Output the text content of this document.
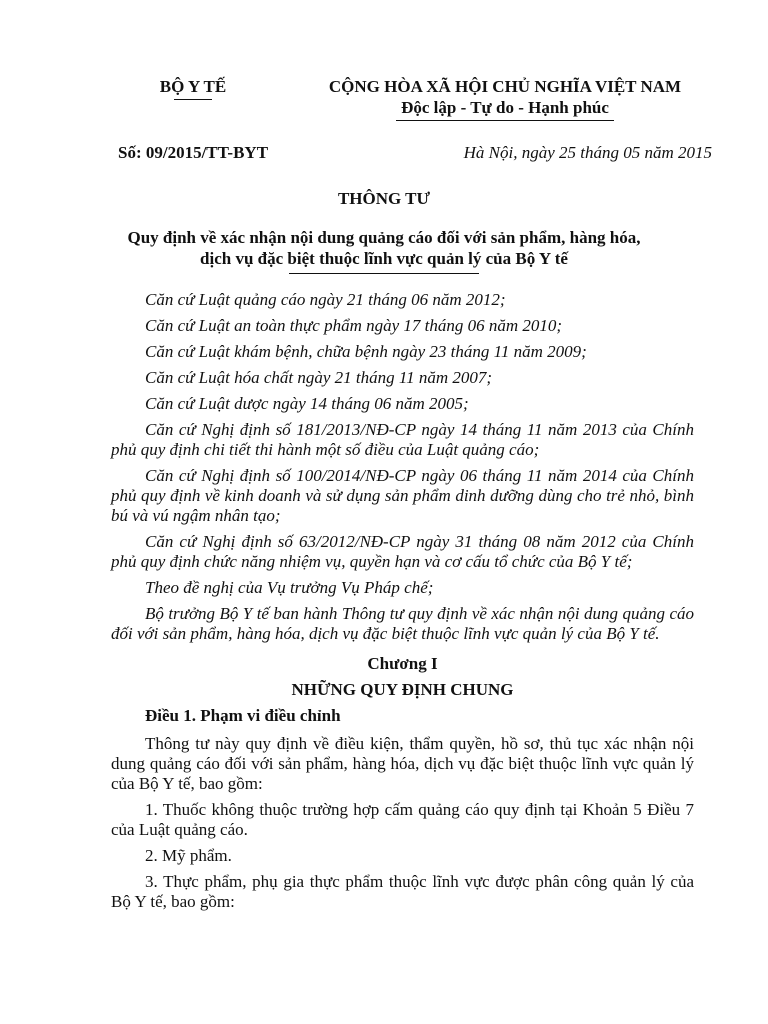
BỘ Y TẾ	CỘNG HÒA XÃ HỘI CHỦ NGHĨA VIỆT NAM

Độc lập - Tự do - Hạnh phúc

Số: 09/2015/TT-BYT	Hà Nội, ngày 25 tháng 05 năm 2015
THÔNG TƯ
Quy định về xác nhận nội dung quảng cáo đối với sản phẩm, hàng hóa,
dịch vụ đặc biệt thuộc lĩnh vực quản lý của Bộ Y tế

Căn cứ Luật quảng cáo ngày 21 tháng 06 năm 2012;

Căn cứ Luật an toàn thực phẩm ngày 17 tháng 06 năm 2010;

Căn cứ Luật khám bệnh, chữa bệnh ngày 23 tháng 11 năm 2009;

Căn cứ Luật hóa chất ngày 21 tháng 11 năm 2007;

Căn cứ Luật dược ngày 14 tháng 06 năm 2005;

Căn cứ Nghị định số 181/2013/NĐ-CP ngày 14 tháng 11 năm 2013 của Chính phủ quy định chi tiết thi hành một số điều của Luật quảng cáo;

Căn cứ Nghị định số 100/2014/NĐ-CP ngày 06 tháng 11 năm 2014 của Chính phủ quy định về kinh doanh và sử dụng sản phẩm dinh dưỡng dùng cho trẻ nhỏ, bình bú và vú ngậm nhân tạo;

Căn cứ Nghị định số 63/2012/NĐ-CP ngày 31 tháng 08 năm 2012 của Chính phủ quy định chức năng nhiệm vụ, quyền hạn và cơ cấu tổ chức của Bộ Y tế;

Theo đề nghị của Vụ trưởng Vụ Pháp chế;

Bộ trưởng Bộ Y tế ban hành Thông tư quy định về xác nhận nội dung quảng cáo đối với sản phẩm, hàng hóa, dịch vụ đặc biệt thuộc lĩnh vực quản lý của Bộ Y tế.

Chương I

NHỮNG QUY ĐỊNH CHUNG

Điều 1. Phạm vi điều chỉnh

Thông tư này quy định về điều kiện, thẩm quyền, hồ sơ, thủ tục xác nhận nội dung quảng cáo đối với sản phẩm, hàng hóa, dịch vụ đặc biệt thuộc lĩnh vực quản lý của Bộ Y tế, bao gồm:

1. Thuốc không thuộc trường hợp cấm quảng cáo quy định tại Khoản 5 Điều 7 của Luật quảng cáo.

2. Mỹ phẩm.

3. Thực phẩm, phụ gia thực phẩm thuộc lĩnh vực được phân công quản lý của Bộ Y tế, bao gồm:
